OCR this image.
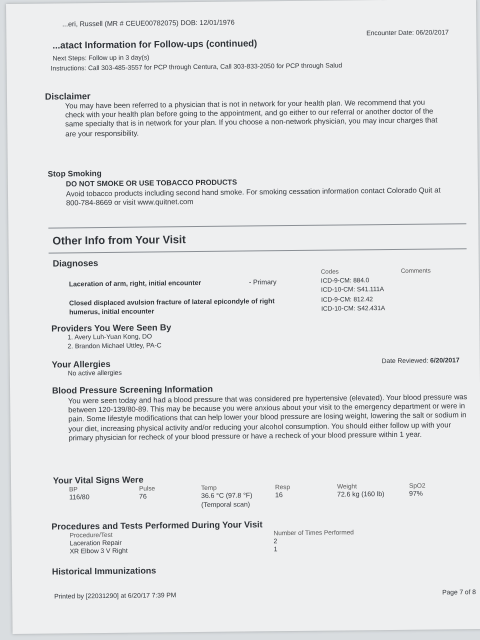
...eri, Russell (MR # CEUE00782075) DOB: 12/01/1976
Encounter Date: 06/20/2017
...atact Information for Follow-ups (continued)
Next Steps: Follow up in 3 day(s)
Instructions: Call 303-485-3557 for PCP through Centura, Call 303-833-2050 for PCP through Salud
Disclaimer
You may have been referred to a physician that is not in network for your health plan. We recommend that you check with your health plan before going to the appointment, and go either to our referral or another doctor of the same specialty that is in network for your plan. If you choose a non-network physician, you may incur charges that are your responsibility.
Stop Smoking
DO NOT SMOKE OR USE TOBACCO PRODUCTS
Avoid tobacco products including second hand smoke. For smoking cessation information contact Colorado Quit at 800-784-8669 or visit www.quitnet.com
Other Info from Your Visit
Diagnoses
Codes	Comments
Laceration of arm, right, initial encounter	- Primary	ICD-9-CM: 884.0
ICD-10-CM: S41.111A
Closed displaced avulsion fracture of lateral epicondyle of right
humerus, initial encounter
ICD-9-CM: 812.42
ICD-10-CM: S42.431A
Providers You Were Seen By
1. Avery Luh-Yuan Kong, DO
2. Brandon Michael Uttley, PA-C
Your Allergies	Date Reviewed: 6/20/2017
No active allergies
Blood Pressure Screening Information
You were seen today and had a blood pressure that was considered pre hypertensive (elevated). Your blood pressure was between 120-139/80-89. This may be because you were anxious about your visit to the emergency department or were in pain. Some lifestyle modifications that can help lower your blood pressure are losing weight, lowering the salt or sodium in your diet, increasing physical activity and/or reducing your alcohol consumption. You should either follow up with your primary physician for recheck of your blood pressure or have a recheck of your blood pressure within 1 year.
Your Vital Signs Were
BP	Pulse	Temp	Resp	Weight	SpO2
116/80	76	36.6 °C (97.8 °F)	16	72.6 kg (160 lb)	97%
(Temporal scan)
Procedures and Tests Performed During Your Visit
Procedure/Test	Number of Times Performed
Laceration Repair	2
XR Elbow 3 V Right	1
Historical Immunizations
Printed by [22031290] at 6/20/17 7:39 PM	Page 7 of 8
